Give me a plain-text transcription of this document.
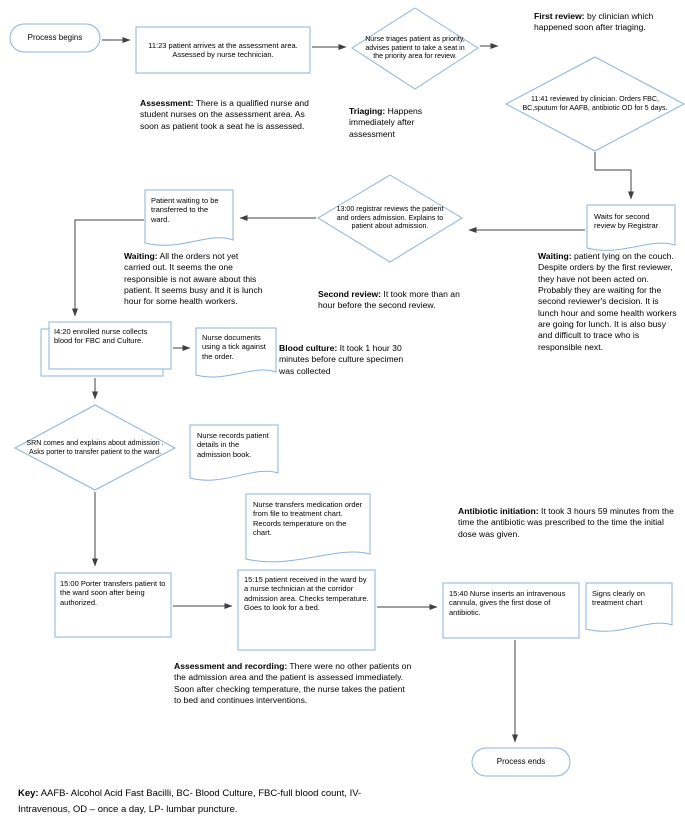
Process begins
11:23 patient arrives at the assessment area. Assessed by nurse technician.
Nurse triages patient as priority, advises patient to take a seat in the priority area for review.
11:41 reviewed by clinician. Orders FBC, BC,sputum for AAFB, antibiotic OD for 5 days.
Patient waiting to be transferred to the ward.
13:00 registrar reviews the patient and orders admission. Explains to patient about admission.
Waits for second review by Registrar
I4:20 enrolled nurse collects blood for FBC and Culture.	Nurse documents using a tick against the order.
SRN comes and explains about admission . Asks porter to transfer patient to the ward.
Nurse records patient details in the admission book.
Nurse transfers medication order from file to treatment chart. Records temperature on the chart.
15:00 Porter transfers patient to the ward soon after being authorized.
15:15 patient received in the ward by a nurse technician at the corridor admission area. Checks temperature. Goes to look for a bed.
15:40 Nurse inserts an intravenous cannula, gives the first dose of antibiotic.
Signs clearly on treatment chart
Process ends
Assessment: There is a qualified nurse and student nurses on the assessment area. As soon as patient took a seat he is assessed.
Triaging: Happens immediately after assessment
First review: by clinician which happened soon after triaging.
Waiting: All the orders not yet carried out. It seems the one responsible is not aware about this patient. It seems busy and it is lunch hour for some health workers.
Second review: It took more than an hour before the second review.
Waiting: patient lying on the couch. Despite orders by the first reviewer, they have not been acted on. Probably they are waiting for the second reviewer's decision. It is lunch hour and some health workers are going for lunch. It is also busy and difficult to trace who is responsible next.
Blood culture: It took 1 hour 30 minutes before culture specimen was collected
Antibiotic initiation: It took 3 hours 59 minutes from the time the antibiotic was prescribed to the time the initial dose was given.
Assessment and recording: There were no other patients on the admission area and the patient is assessed immediately. Soon after checking temperature, the nurse takes the patient to bed and continues interventions.
Key: AAFB- Alcohol Acid Fast Bacilli, BC- Blood Culture, FBC-full blood count, IV- Intravenous, OD – once a day, LP- lumbar puncture.
